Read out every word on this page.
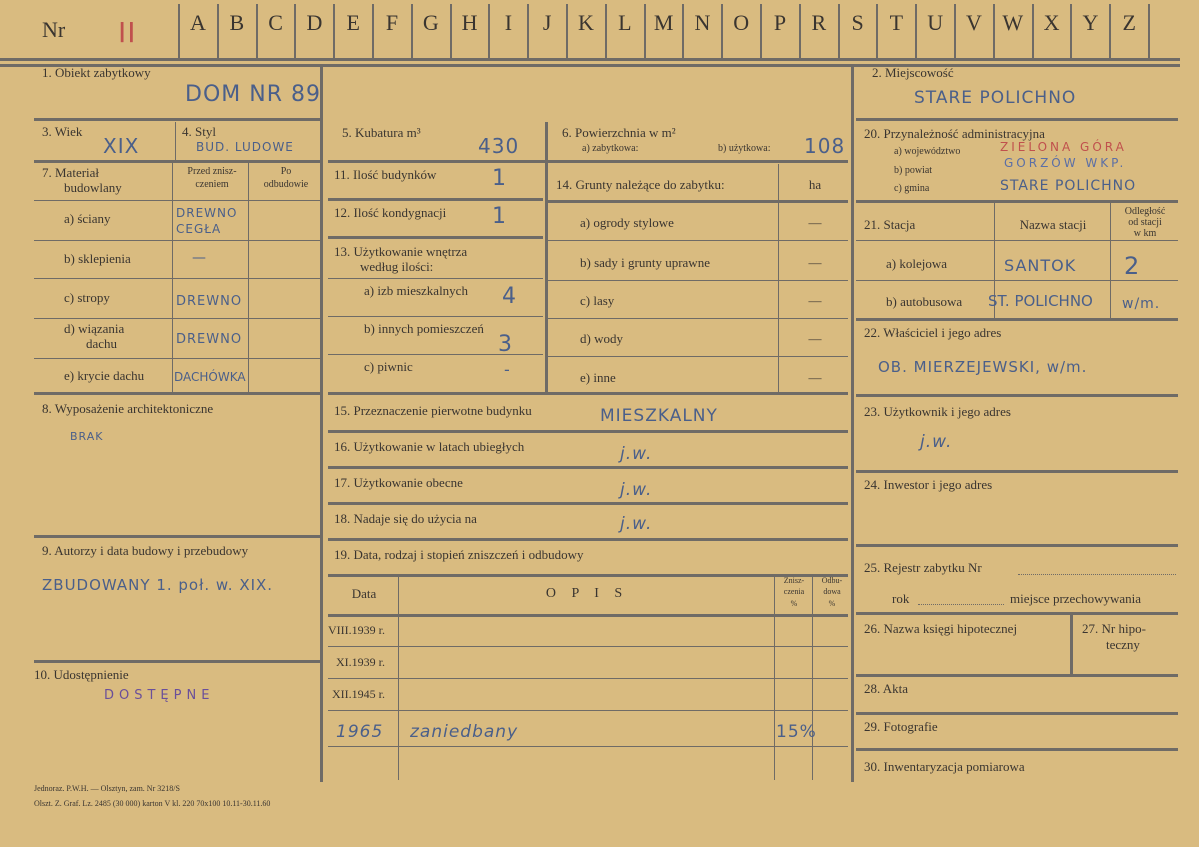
Nr II	A	B	C	D	E	F	G	H	I	J	K	L	M N	O	P	R	S	T	U	V W X	Y	Z
1. Obiekt zabytkowy
DOM NR 89
3. Wiek
XIX
4. Styl
BUD. LUDOWE
7. Materiał
budowlany
Przed znisz-
czeniem
Po
odbudowie
a) ściany	DREWNO
CEGŁA
b) sklepienia	—
c) stropy	DREWNO
d) wiązania
dachu	DREWNO
e) krycie dachu DACHÓWKA
8. Wyposażenie architektoniczne
BRAK
9. Autorzy i data budowy i przebudowy
ZBUDOWANY 1. poł. w. XIX.
10. Udostępnienie
DOSTĘPNE
5. Kubatura m³
430
6. Powierzchnia w m²
a) zabytkowa:	b) użytkowa: 108
11. Ilość budynków	1
12. Ilość kondygnacji 1
13. Użytkowanie wnętrza
według ilości:
a) izb mieszkalnych 4
b) innych pomieszczeń
3
c) piwnic	-
14. Grunty należące do zabytku:	ha
a) ogrody stylowe	—
b) sady i grunty uprawne	—
c) lasy	—
d) wody	—
e) inne	—
15. Przeznaczenie pierwotne budynku	MIESZKALNY
16. Użytkowanie w latach ubiegłych	j.w.
17. Użytkowanie obecne	j.w.
18. Nadaje się do użycia na	j.w.
19. Data, rodzaj i stopień zniszczeń i odbudowy
Data	O P I S
Znisz-
czenia
%
Odbu-
dowa
%
VIII.1939 r.
XI.1939 r.
XII.1945 r.
1965 zaniedbany	15%
2. Miejscowość
STARE POLICHNO
20. Przynależność administracyjna
a) województwo	ZIELONA GÓRA
b) powiat
GORZÓW WKP.
c) gmina	STARE POLICHNO
21. Stacja	Nazwa stacji
Odległość
od stacji
w km
a) kolejowa	SANTOK 2
b) autobusowa ST. POLICHNO w/m.
22. Właściciel i jego adres
OB. MIERZEJEWSKI, w/m.
23. Użytkownik i jego adres
j.w.
24. Inwestor i jego adres
25. Rejestr zabytku Nr
rok	miejsce przechowywania
26. Nazwa księgi hipotecznej	27. Nr hipo-
teczny
28. Akta
29. Fotografie
30. Inwentaryzacja pomiarowa
Jednoraz. P.W.H. — Olsztyn, zam. Nr 3218/S
Olszt. Z. Graf. Lz. 2485 (30 000) karton V kl. 220 70x100 10.11-30.11.60
